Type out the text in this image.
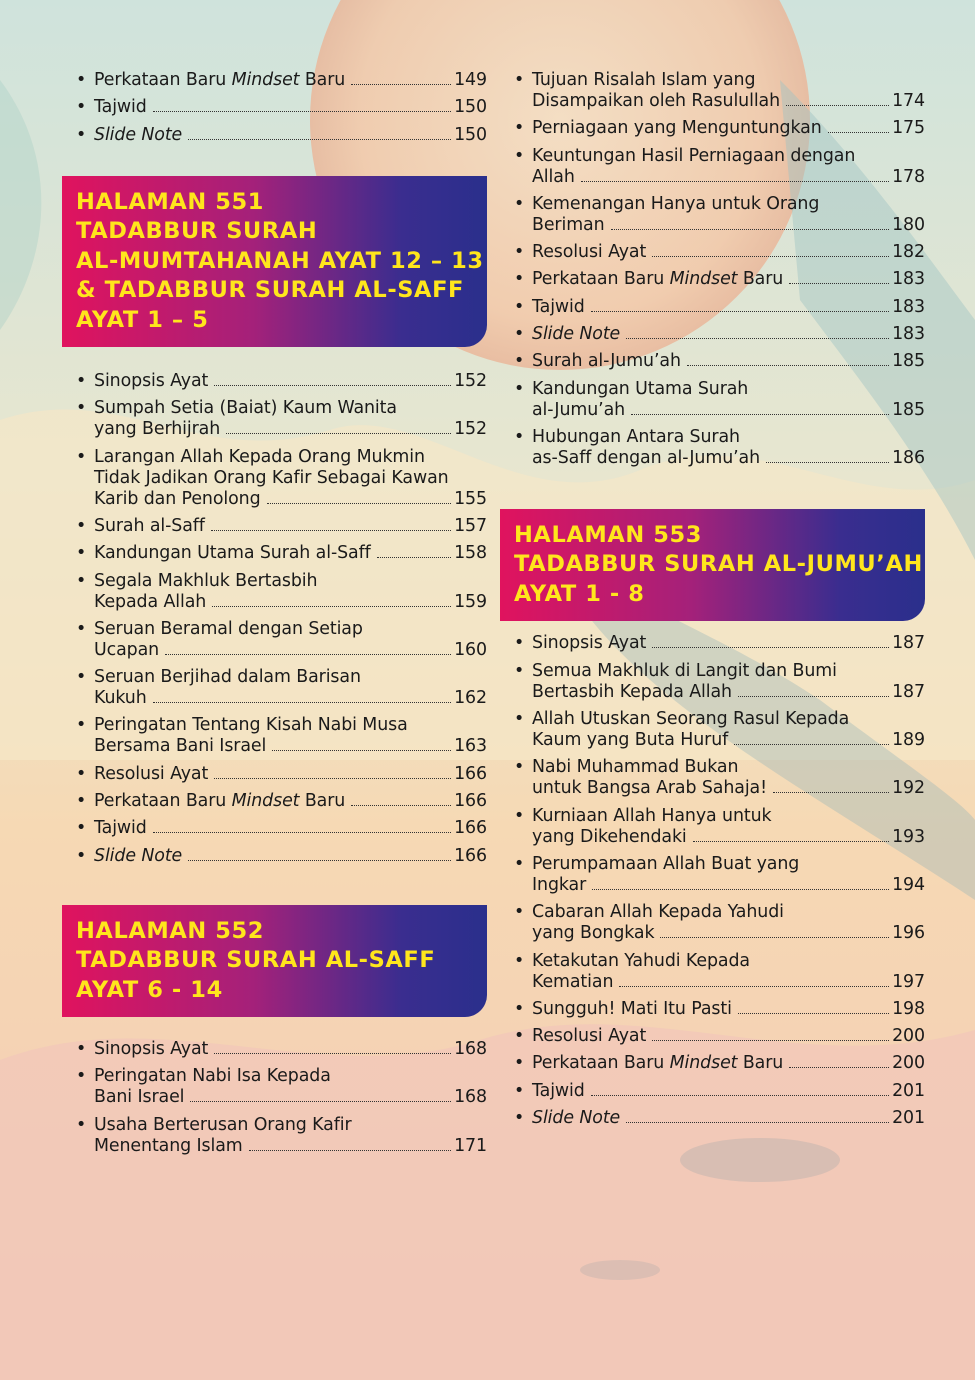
• Perkataan Baru Mindset Baru	149
• Tajwid	150
• Slide Note	150
HALAMAN 551
TADABBUR SURAH
AL-MUMTAHANAH AYAT 12 – 13
& TADABBUR SURAH AL-SAFF
AYAT 1 – 5
• Sinopsis Ayat	152
• Sumpah Setia (Baiat) Kaum Wanita
yang Berhijrah	152
• Larangan Allah Kepada Orang Mukmin
Tidak Jadikan Orang Kafir Sebagai Kawan
Karib dan Penolong	155
• Surah al-Saff	157
• Kandungan Utama Surah al-Saff	158
• Segala Makhluk Bertasbih
Kepada Allah	159
• Seruan Beramal dengan Setiap
Ucapan	160
• Seruan Berjihad dalam Barisan
Kukuh	162
• Peringatan Tentang Kisah Nabi Musa
Bersama Bani Israel	163
• Resolusi Ayat	166
• Perkataan Baru Mindset Baru	166
• Tajwid	166
• Slide Note	166
HALAMAN 552
TADABBUR SURAH AL-SAFF
AYAT 6 - 14
• Sinopsis Ayat	168
• Peringatan Nabi Isa Kepada
Bani Israel	168
• Usaha Berterusan Orang Kafir
Menentang Islam	171
• Tujuan Risalah Islam yang
Disampaikan oleh Rasulullah	174
• Perniagaan yang Menguntungkan	175
• Keuntungan Hasil Perniagaan dengan
Allah	178
• Kemenangan Hanya untuk Orang
Beriman	180
• Resolusi Ayat	182
• Perkataan Baru Mindset Baru	183
• Tajwid	183
• Slide Note	183
• Surah al-Jumu’ah	185
• Kandungan Utama Surah
al-Jumu’ah	185
• Hubungan Antara Surah
as-Saff dengan al-Jumu’ah	186
HALAMAN 553
TADABBUR SURAH AL-JUMU’AH
AYAT 1 - 8
• Sinopsis Ayat	187
• Semua Makhluk di Langit dan Bumi
Bertasbih Kepada Allah	187
• Allah Utuskan Seorang Rasul Kepada
Kaum yang Buta Huruf	189
• Nabi Muhammad Bukan
untuk Bangsa Arab Sahaja!	192
• Kurniaan Allah Hanya untuk
yang Dikehendaki	193
• Perumpamaan Allah Buat yang
Ingkar	194
• Cabaran Allah Kepada Yahudi
yang Bongkak	196
• Ketakutan Yahudi Kepada
Kematian	197
• Sungguh! Mati Itu Pasti	198
• Resolusi Ayat	200
• Perkataan Baru Mindset Baru	200
• Tajwid	201
• Slide Note	201
